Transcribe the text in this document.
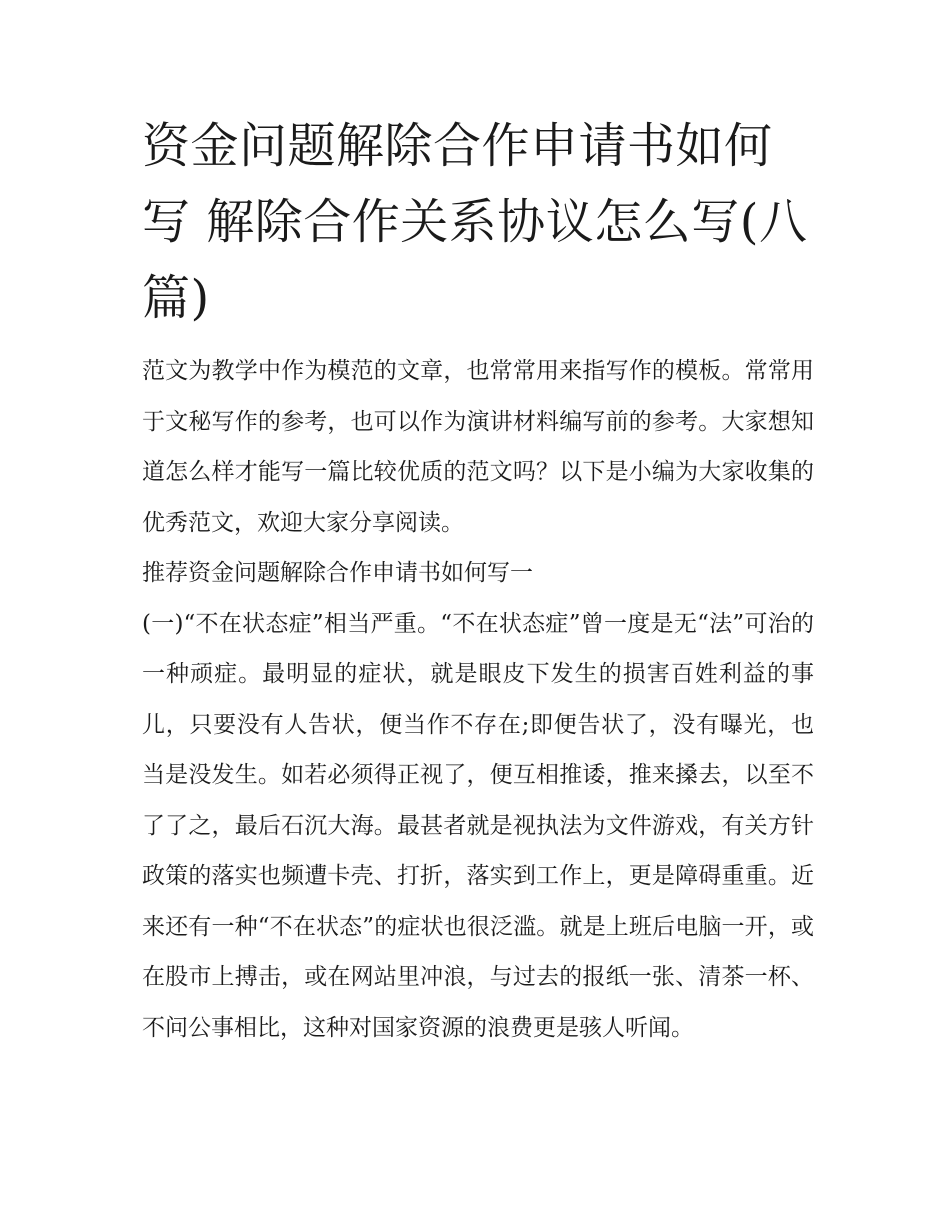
资金问题解除合作申请书如何写 解除合作关系协议怎么写(八篇)

范文为教学中作为模范的文章，也常常用来指写作的模板。常常用于文秘写作的参考，也可以作为演讲材料编写前的参考。大家想知道怎么样才能写一篇比较优质的范文吗？以下是小编为大家收集的优秀范文，欢迎大家分享阅读。

推荐资金问题解除合作申请书如何写一

(一)“不在状态症”相当严重。“不在状态症”曾一度是无“法”可治的一种顽症。最明显的症状，就是眼皮下发生的损害百姓利益的事儿，只要没有人告状，便当作不存在;即便告状了，没有曝光，也当是没发生。如若必须得正视了，便互相推诿，推来搡去，以至不了了之，最后石沉大海。最甚者就是视执法为文件游戏，有关方针政策的落实也频遭卡壳、打折，落实到工作上，更是障碍重重。近来还有一种“不在状态”的症状也很泛滥。就是上班后电脑一开，或在股市上搏击，或在网站里冲浪，与过去的报纸一张、清茶一杯、不问公事相比，这种对国家资源的浪费更是骇人听闻。
